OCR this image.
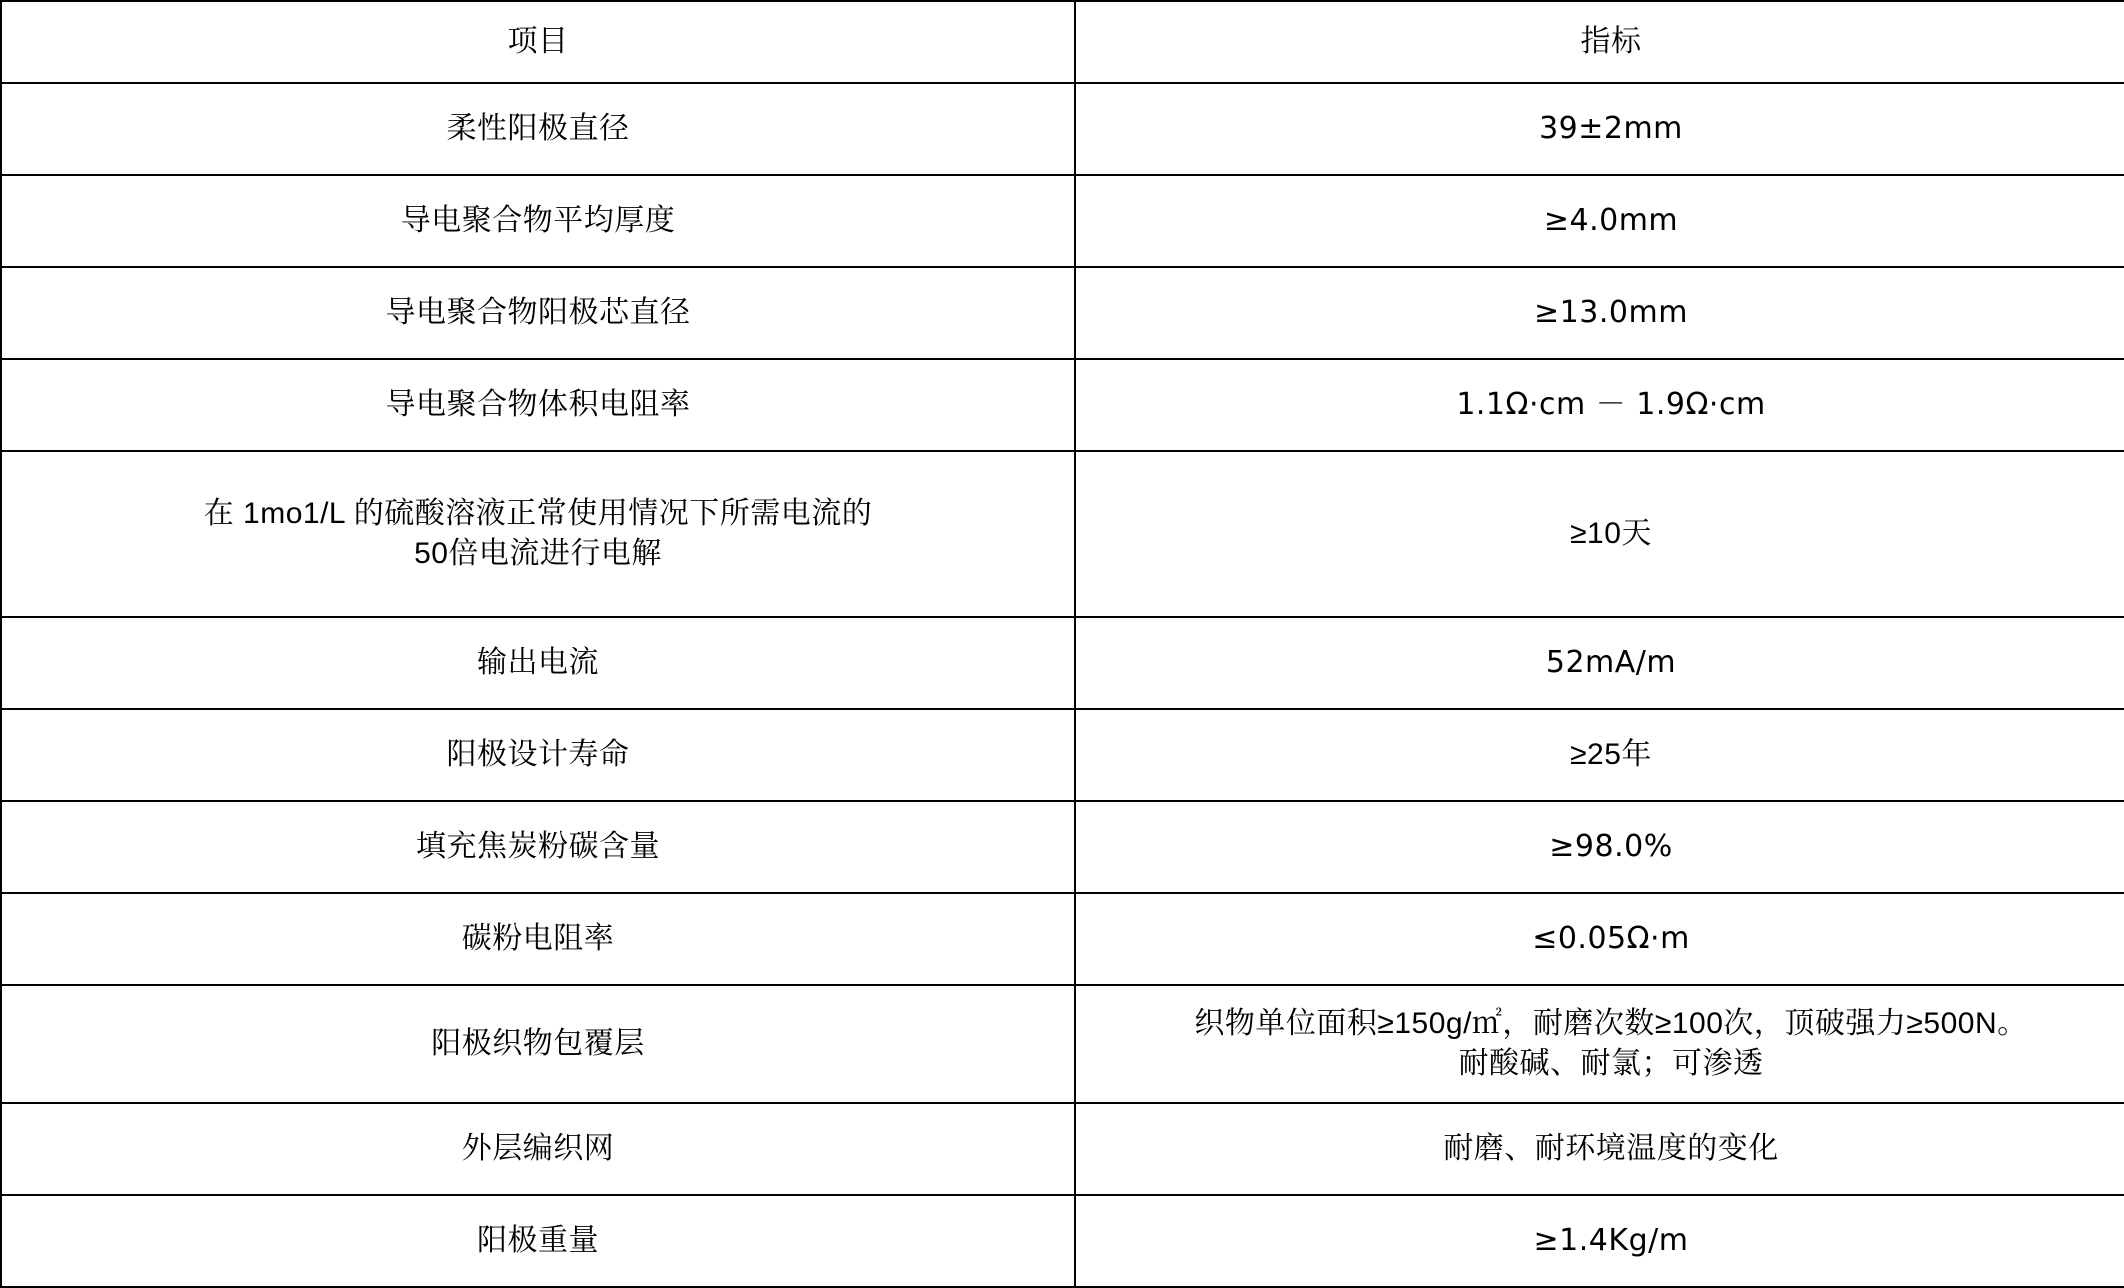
项目	指标
柔性阳极直径	39±2mm
导电聚合物平均厚度	≥4.0mm
导电聚合物阳极芯直径	≥13.0mm
导电聚合物体积电阻率	1.1Ω·cm － 1.9Ω·cm

在 1mo1/L 的硫酸溶液正常使用情况下所需电流的
50倍电流进行电解	≥10天
输出电流	52mA/m
阳极设计寿命	≥25年
填充焦炭粉碳含量	≥98.0%
碳粉电阻率	≤0.05Ω·m
阳极织物包覆层	织物单位面积≥150g/㎡，耐磨次数≥100次，顶破强力≥500N。
耐酸碱、耐氯；可渗透

外层编织网	耐磨、耐环境温度的变化
阳极重量	≥1.4Kg/m
